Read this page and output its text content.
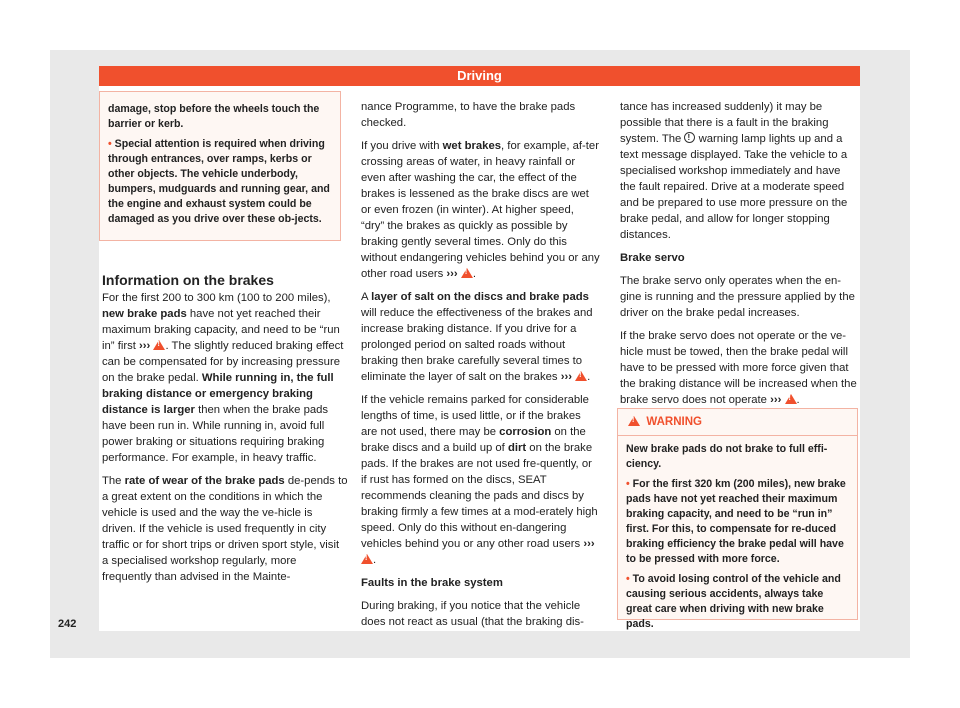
Driving

damage, stop before the wheels touch the barrier or kerb.

• Special attention is required when driving through entrances, over ramps, kerbs or other objects. The vehicle underbody, bumpers, mudguards and running gear, and the engine and exhaust system could be damaged as you drive over these ob-jects.

Information on the brakes

For the first 200 to 300 km (100 to 200 miles), new brake pads have not yet reached their maximum braking capacity, and need to be “run in” first ››› ! . The slightly reduced braking effect can be compensated for by increasing pressure on the brake pedal. While running in, the full braking distance or emergency braking distance is larger then when the brake pads have been run in. While running in, avoid full power braking or situations requiring braking performance. For example, in heavy traffic.

The rate of wear of the brake pads de-pends to a great extent on the conditions in which the vehicle is used and the way the ve-hicle is driven. If the vehicle is used frequently in city traffic or for short trips or driven sport style, visit a specialised workshop regularly, more frequently than advised in the Mainte-

nance Programme, to have the brake pads checked.

If you drive with wet brakes, for example, af-ter crossing areas of water, in heavy rainfall or even after washing the car, the effect of the brakes is lessened as the brake discs are wet or even frozen (in winter). At higher speed, “dry” the brakes as quickly as possible by braking gently several times. Only do this without endangering vehicles behind you or any other road users ››› ! .

A layer of salt on the discs and brake pads will reduce the effectiveness of the brakes and increase braking distance. If you drive for a prolonged period on salted roads without braking then brake carefully several times to eliminate the layer of salt on the brakes ››› ! .

If the vehicle remains parked for considerable lengths of time, is used little, or if the brakes are not used, there may be corrosion on the brake discs and a build up of dirt on the brake pads. If the brakes are not used fre-quently, or if rust has formed on the discs, SEAT recommends cleaning the pads and discs by braking firmly a few times at a mod-erately high speed. Only do this without en-dangering vehicles behind you or any other road users ››› !.

Faults in the brake system

During braking, if you notice that the vehicle does not react as usual (that the braking dis-

tance has increased suddenly) it may be possible that there is a fault in the braking system. The ! warning lamp lights up and a text message displayed. Take the vehicle to a specialised workshop immediately and have the fault repaired. Drive at a moderate speed and be prepared to use more pressure on the brake pedal, and allow for longer stopping distances.

Brake servo

The brake servo only operates when the en-gine is running and the pressure applied by the driver on the brake pedal increases.

If the brake servo does not operate or the ve-hicle must be towed, then the brake pedal will have to be pressed with more force given that the braking distance will be increased when the brake servo does not operate ››› ! .

!  WARNING

New brake pads do not brake to full effi-ciency.

• For the first 320 km (200 miles), new brake pads have not yet reached their maximum braking capacity, and need to be “run in” first. For this, to compensate for re-duced braking efficiency the brake pedal will have to be pressed with more force.

• To avoid losing control of the vehicle and causing serious accidents, always take great care when driving with new brake pads.

242
